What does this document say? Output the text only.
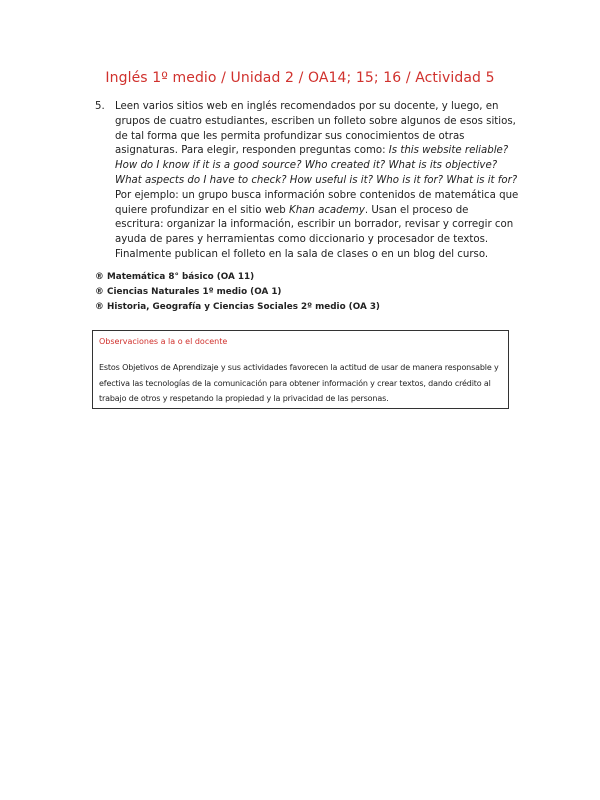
Inglés 1º medio / Unidad 2 / OA14; 15; 16 / Actividad 5
5. Leen varios sitios web en inglés recomendados por su docente, y luego, en grupos de cuatro estudiantes, escriben un folleto sobre algunos de esos sitios, de tal forma que les permita profundizar sus conocimientos de otras asignaturas. Para elegir, responden preguntas como: Is this website reliable? How do I know if it is a good source? Who created it? What is its objective? What aspects do I have to check? How useful is it? Who is it for? What is it for? Por ejemplo: un grupo busca información sobre contenidos de matemática que quiere profundizar en el sitio web Khan academy. Usan el proceso de escritura: organizar la información, escribir un borrador, revisar y corregir con ayuda de pares y herramientas como diccionario y procesador de textos. Finalmente publican el folleto en la sala de clases o en un blog del curso.
® Matemática 8° básico (OA 11)
® Ciencias Naturales 1º medio (OA 1)
® Historia, Geografía y Ciencias Sociales 2º medio (OA 3)
Observaciones a la o el docente
Estos Objetivos de Aprendizaje y sus actividades favorecen la actitud de usar de manera responsable y efectiva las tecnologías de la comunicación para obtener información y crear textos, dando crédito al trabajo de otros y respetando la propiedad y la privacidad de las personas.
